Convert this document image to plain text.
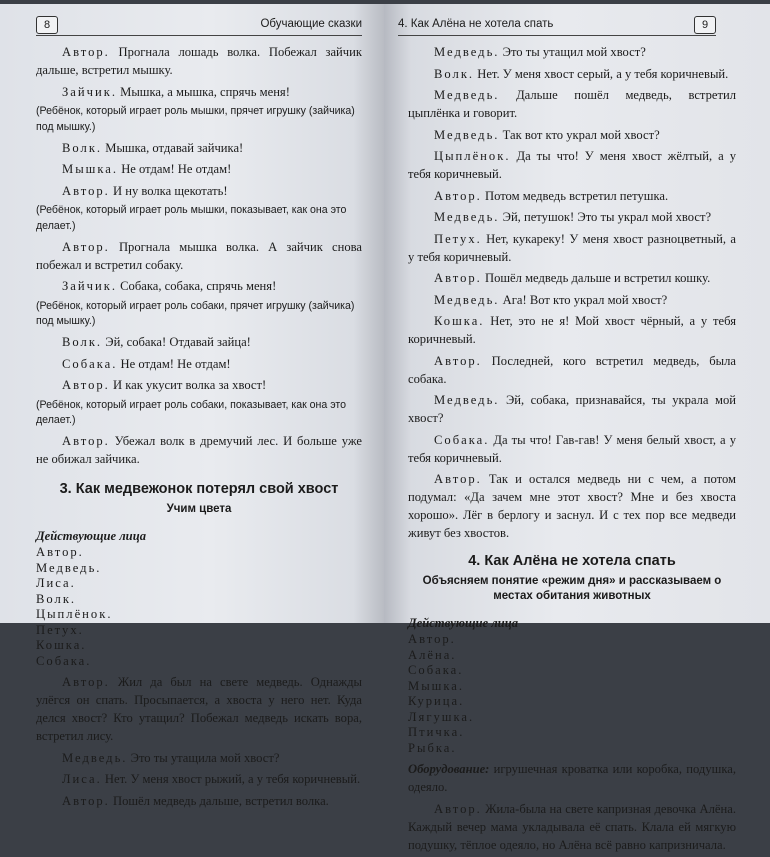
8	Обучающие сказки

Автор. Прогнала лошадь волка. Побежал зайчик дальше, встретил мышку.

Зайчик. Мышка, а мышка, спрячь меня!

(Ребёнок, который играет роль мышки, прячет игрушку (зайчика) под мышку.)

Волк. Мышка, отдавай зайчика!

Мышка. Не отдам! Не отдам!

Автор. И ну волка щекотать!

(Ребёнок, который играет роль мышки, показывает, как она это делает.)

Автор. Прогнала мышка волка. А зайчик снова побежал и встретил собаку.

Зайчик. Собака, собака, спрячь меня!

(Ребёнок, который играет роль собаки, прячет игрушку (зайчика) под мышку.)

Волк. Эй, собака! Отдавай зайца!

Собака. Не отдам! Не отдам!

Автор. И как укусит волка за хвост!

(Ребёнок, который играет роль собаки, показывает, как она это делает.)

Автор. Убежал волк в дремучий лес. И больше уже не обижал зайчика.

3. Как медвежонок потерял свой хвост
Учим цвета
Действующие лица
Автор.
Медведь.
Лиса.
Волк.
Цыплёнок.
Петух.
Кошка.
Собака.

Автор. Жил да был на свете медведь. Однажды улёгся он спать. Просыпается, а хвоста у него нет. Куда делся хвост? Кто утащил? Побежал медведь искать вора, встретил лису.

Медведь. Это ты утащила мой хвост?

Лиса. Нет. У меня хвост рыжий, а у тебя коричневый.

Автор. Пошёл медведь дальше, встретил волка.

4. Как Алёна не хотела спать	9

Медведь. Это ты утащил мой хвост?

Волк. Нет. У меня хвост серый, а у тебя коричневый.

Медведь. Дальше пошёл медведь, встретил цыплёнка и говорит.

Медведь. Так вот кто украл мой хвост?

Цыплёнок. Да ты что! У меня хвост жёлтый, а у тебя коричневый.

Автор. Потом медведь встретил петушка.

Медведь. Эй, петушок! Это ты украл мой хвост?

Петух. Нет, кукареку! У меня хвост разноцветный, а у тебя коричневый.

Автор. Пошёл медведь дальше и встретил кошку.

Медведь. Ага! Вот кто украл мой хвост?

Кошка. Нет, это не я! Мой хвост чёрный, а у тебя коричневый.

Автор. Последней, кого встретил медведь, была собака.

Медведь. Эй, собака, признавайся, ты украла мой хвост?

Собака. Да ты что! Гав-гав! У меня белый хвост, а у тебя коричневый.

Автор. Так и остался медведь ни с чем, а потом подумал: «Да зачем мне этот хвост? Мне и без хвоста хорошо». Лёг в берлогу и заснул. И с тех пор все медведи живут без хвостов.

4. Как Алёна не хотела спать
Объясняем понятие «режим дня» и рассказываем о местах обитания животных
Действующие лица
Автор.
Алёна.
Собака.
Мышка.
Курица.
Лягушка.
Птичка.
Рыбка.

Оборудование: игрушечная кроватка или коробка, подушка, одеяло.

Автор. Жила-была на свете капризная девочка Алёна. Каждый вечер мама укладывала её спать. Клала ей мягкую подушку, тёплое одеяло, но Алёна всё равно капризничала.
